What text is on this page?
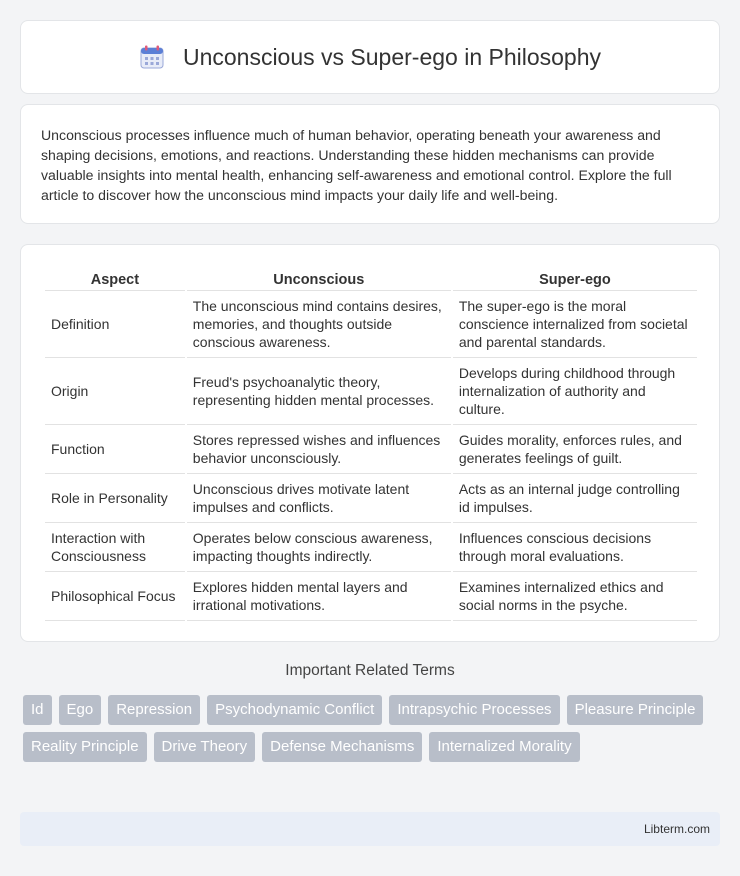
Unconscious vs Super-ego in Philosophy

Unconscious processes influence much of human behavior, operating beneath your awareness and shaping decisions, emotions, and reactions. Understanding these hidden mechanisms can provide valuable insights into mental health, enhancing self-awareness and emotional control. Explore the full article to discover how the unconscious mind impacts your daily life and well-being.

Aspect	Unconscious	Super-ego
Definition	The unconscious mind contains desires, memories, and thoughts outside conscious awareness.	The super-ego is the moral conscience internalized from societal and parental standards.
Origin	Freud's psychoanalytic theory, representing hidden mental processes.	Develops during childhood through internalization of authority and culture.
Function	Stores repressed wishes and influences behavior unconsciously.	Guides morality, enforces rules, and generates feelings of guilt.
Role in Personality	Unconscious drives motivate latent impulses and conflicts.	Acts as an internal judge controlling id impulses.
Interaction with Consciousness	Operates below conscious awareness, impacting thoughts indirectly.	Influences conscious decisions through moral evaluations.
Philosophical Focus	Explores hidden mental layers and irrational motivations.	Examines internalized ethics and social norms in the psyche.
Important Related Terms
Id	Ego	Repression	Psychodynamic Conflict	Intrapsychic Processes	Pleasure Principle
Reality Principle	Drive Theory	Defense Mechanisms	Internalized Morality
Libterm.com
